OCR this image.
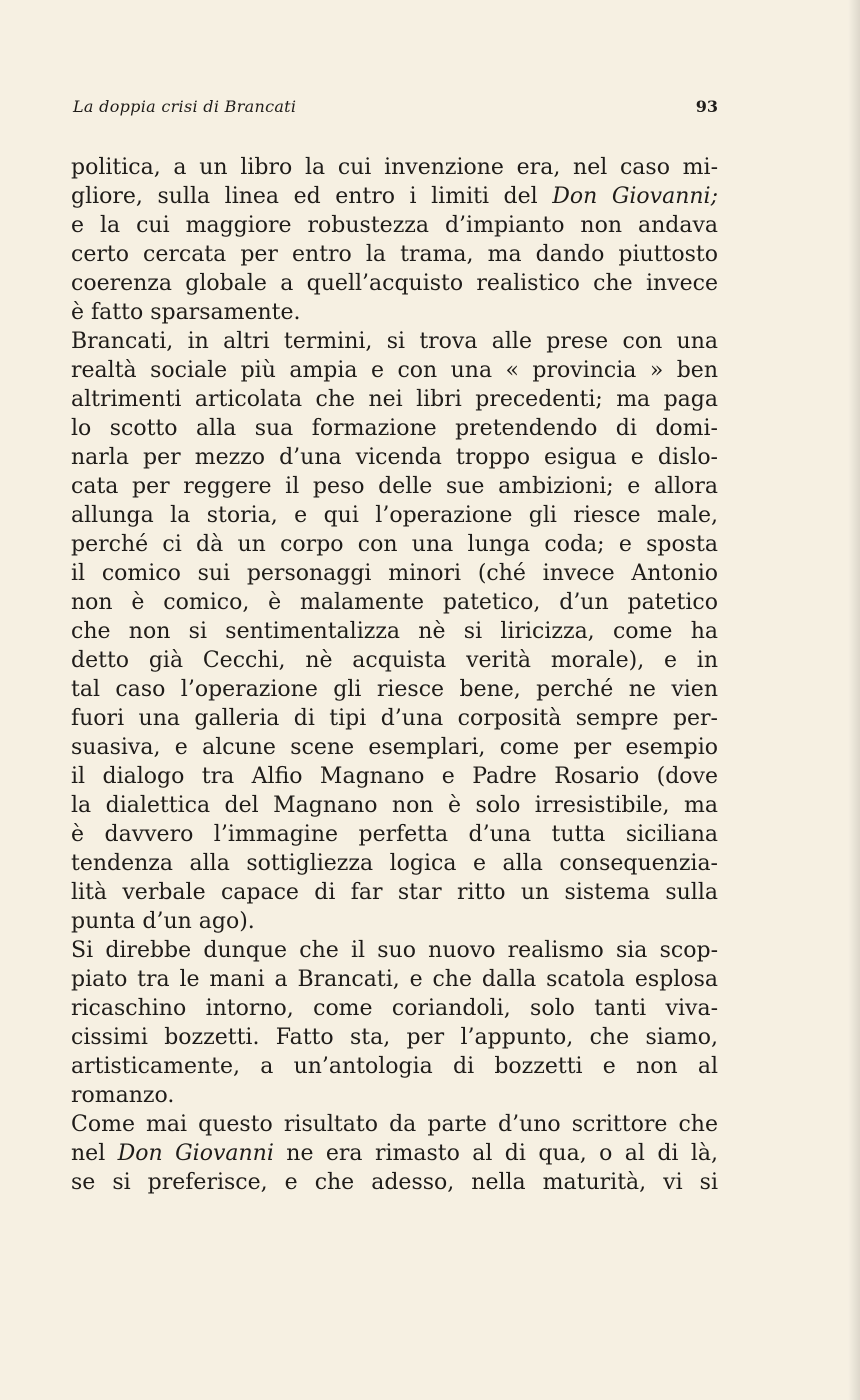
La doppia crisi di Brancati	93
politica, a un libro la cui invenzione era, nel caso mi-
gliore, sulla linea ed entro i limiti del Don Giovanni;
e la cui maggiore robustezza d’impianto non andava
certo cercata per entro la trama, ma dando piuttosto
coerenza globale a quell’acquisto realistico che invece
è fatto sparsamente.
Brancati, in altri termini, si trova alle prese con una
realtà sociale più ampia e con una « provincia » ben
altrimenti articolata che nei libri precedenti; ma paga
lo scotto alla sua formazione pretendendo di domi-
narla per mezzo d’una vicenda troppo esigua e dislo-
cata per reggere il peso delle sue ambizioni; e allora
allunga la storia, e qui l’operazione gli riesce male,
perché ci dà un corpo con una lunga coda; e sposta
il comico sui personaggi minori (ché invece Antonio
non è comico, è malamente patetico, d’un patetico
che non si sentimentalizza nè si liricizza, come ha
detto già Cecchi, nè acquista verità morale), e in
tal caso l’operazione gli riesce bene, perché ne vien
fuori una galleria di tipi d’una corposità sempre per-
suasiva, e alcune scene esemplari, come per esempio
il dialogo tra Alfio Magnano e Padre Rosario (dove
la dialettica del Magnano non è solo irresistibile, ma
è davvero l’immagine perfetta d’una tutta siciliana
tendenza alla sottigliezza logica e alla consequenzia-
lità verbale capace di far star ritto un sistema sulla
punta d’un ago).
Si direbbe dunque che il suo nuovo realismo sia scop-
piato tra le mani a Brancati, e che dalla scatola esplosa
ricaschino intorno, come coriandoli, solo tanti viva-
cissimi bozzetti. Fatto sta, per l’appunto, che siamo,
artisticamente, a un’antologia di bozzetti e non al
romanzo.
Come mai questo risultato da parte d’uno scrittore che
nel Don Giovanni ne era rimasto al di qua, o al di là,
se si preferisce, e che adesso, nella maturità, vi si
